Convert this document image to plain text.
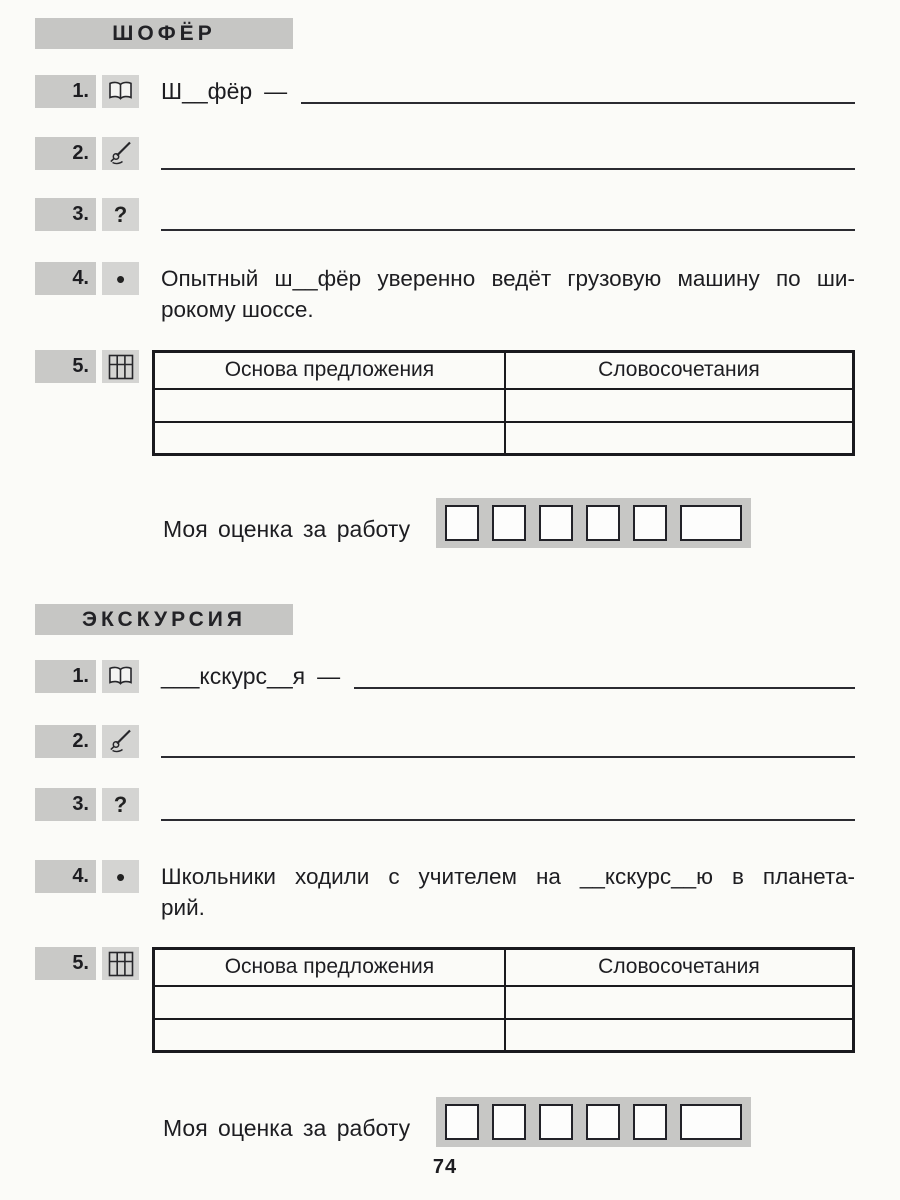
ШОФЁР
1.	Ш__фёр —
2.
3. ?
4. • Опытный ш__фёр уверенно ведёт грузовую машину по ши-
рокому шоссе.
5.	Основа предложения	Словосочетания

Моя оценка за работу
ЭКСКУРСИЯ
1.	___кскурс__я —
2.
3. ?
4. • Школьники ходили с учителем на __кскурс__ю в планета-
рий.
5.	Основа предложения	Словосочетания

Моя оценка за работу
74
